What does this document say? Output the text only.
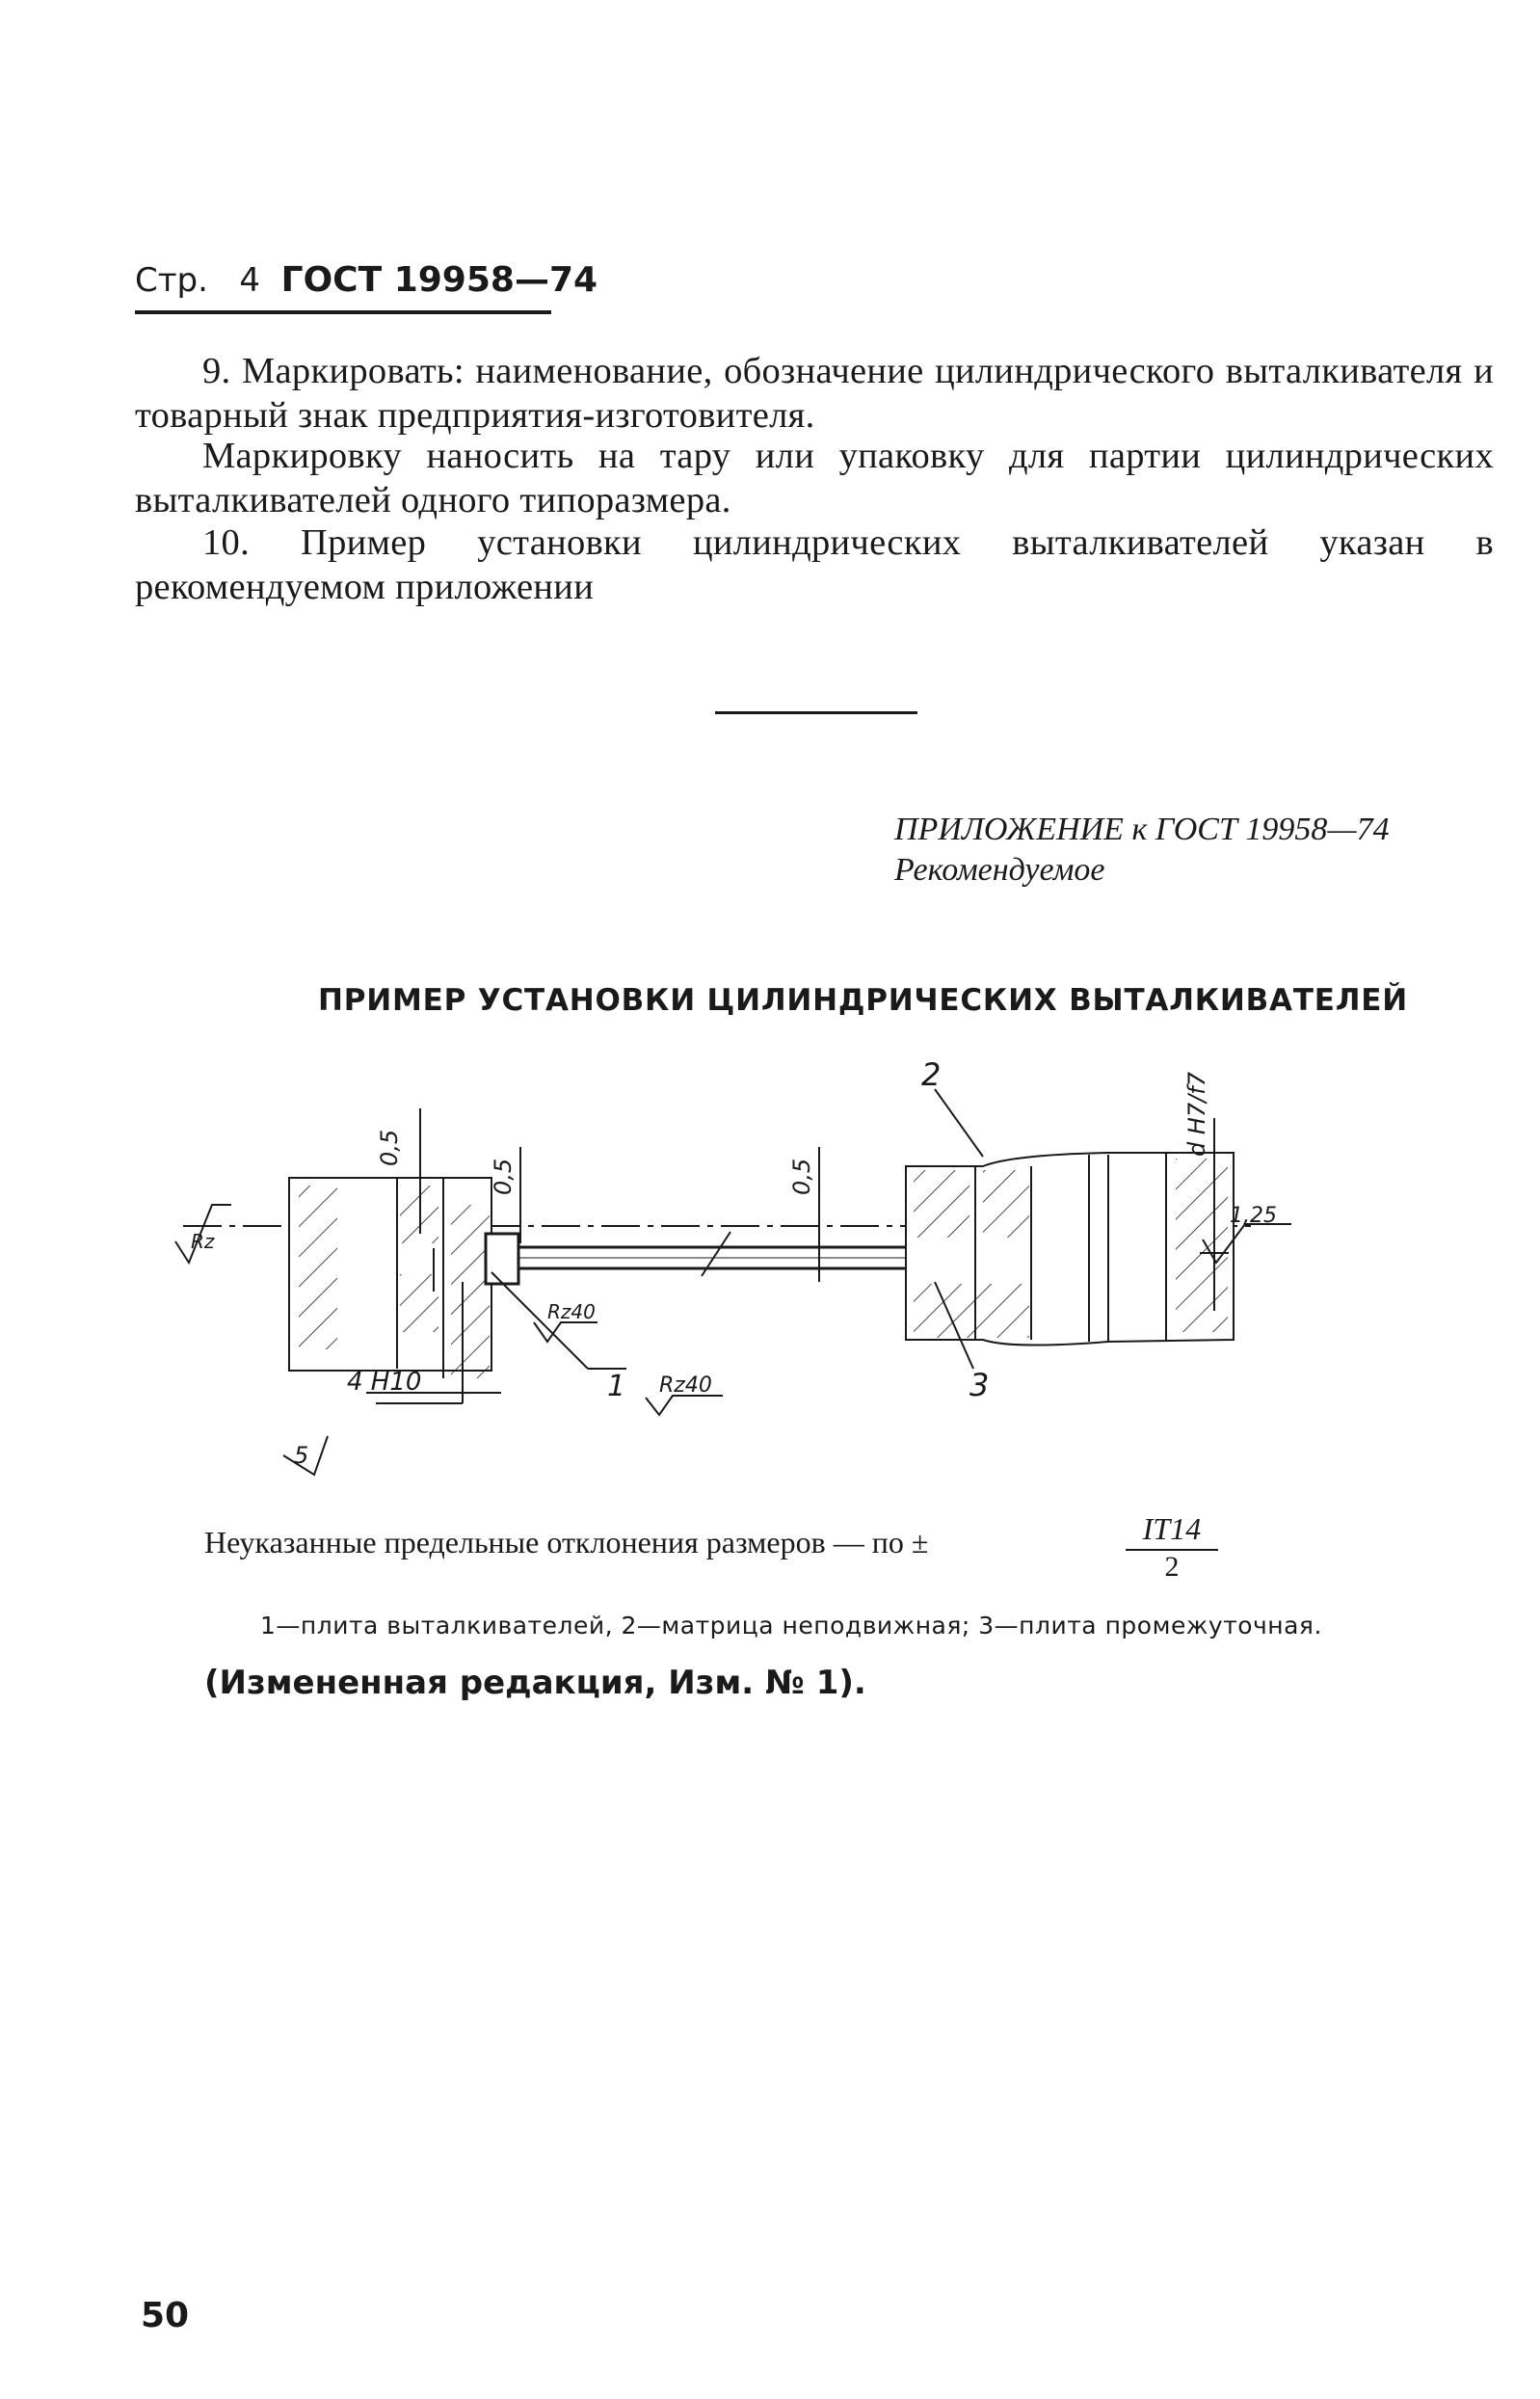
Стр. 4 ГОСТ 19958—74
9. Маркировать: наименование, обозначение цилиндрического выталкивателя и товарный знак предприятия-изготовителя.
Маркировку наносить на тару или упаковку для партии цилиндрических выталкивателей одного типоразмера.
10. Пример установки цилиндрических выталкивателей указан в рекомендуемом приложении
ПРИЛОЖЕНИЕ к ГОСТ 19958—74
Рекомендуемое
ПРИМЕР УСТАНОВКИ ЦИЛИНДРИЧЕСКИХ ВЫТАЛКИВАТЕЛЕЙ
0,5
0,5	0,5
d H7/f7
1,25
Rz
Rz40
Rz40
4 H10
5
1
2
3
Неуказанные предельные отклонения размеров — по ±	$\frac{IT14}{2}$
1—плита выталкивателей, 2—матрица неподвижная; 3—плита промежуточная.
(Измененная редакция, Изм. № 1).
50
